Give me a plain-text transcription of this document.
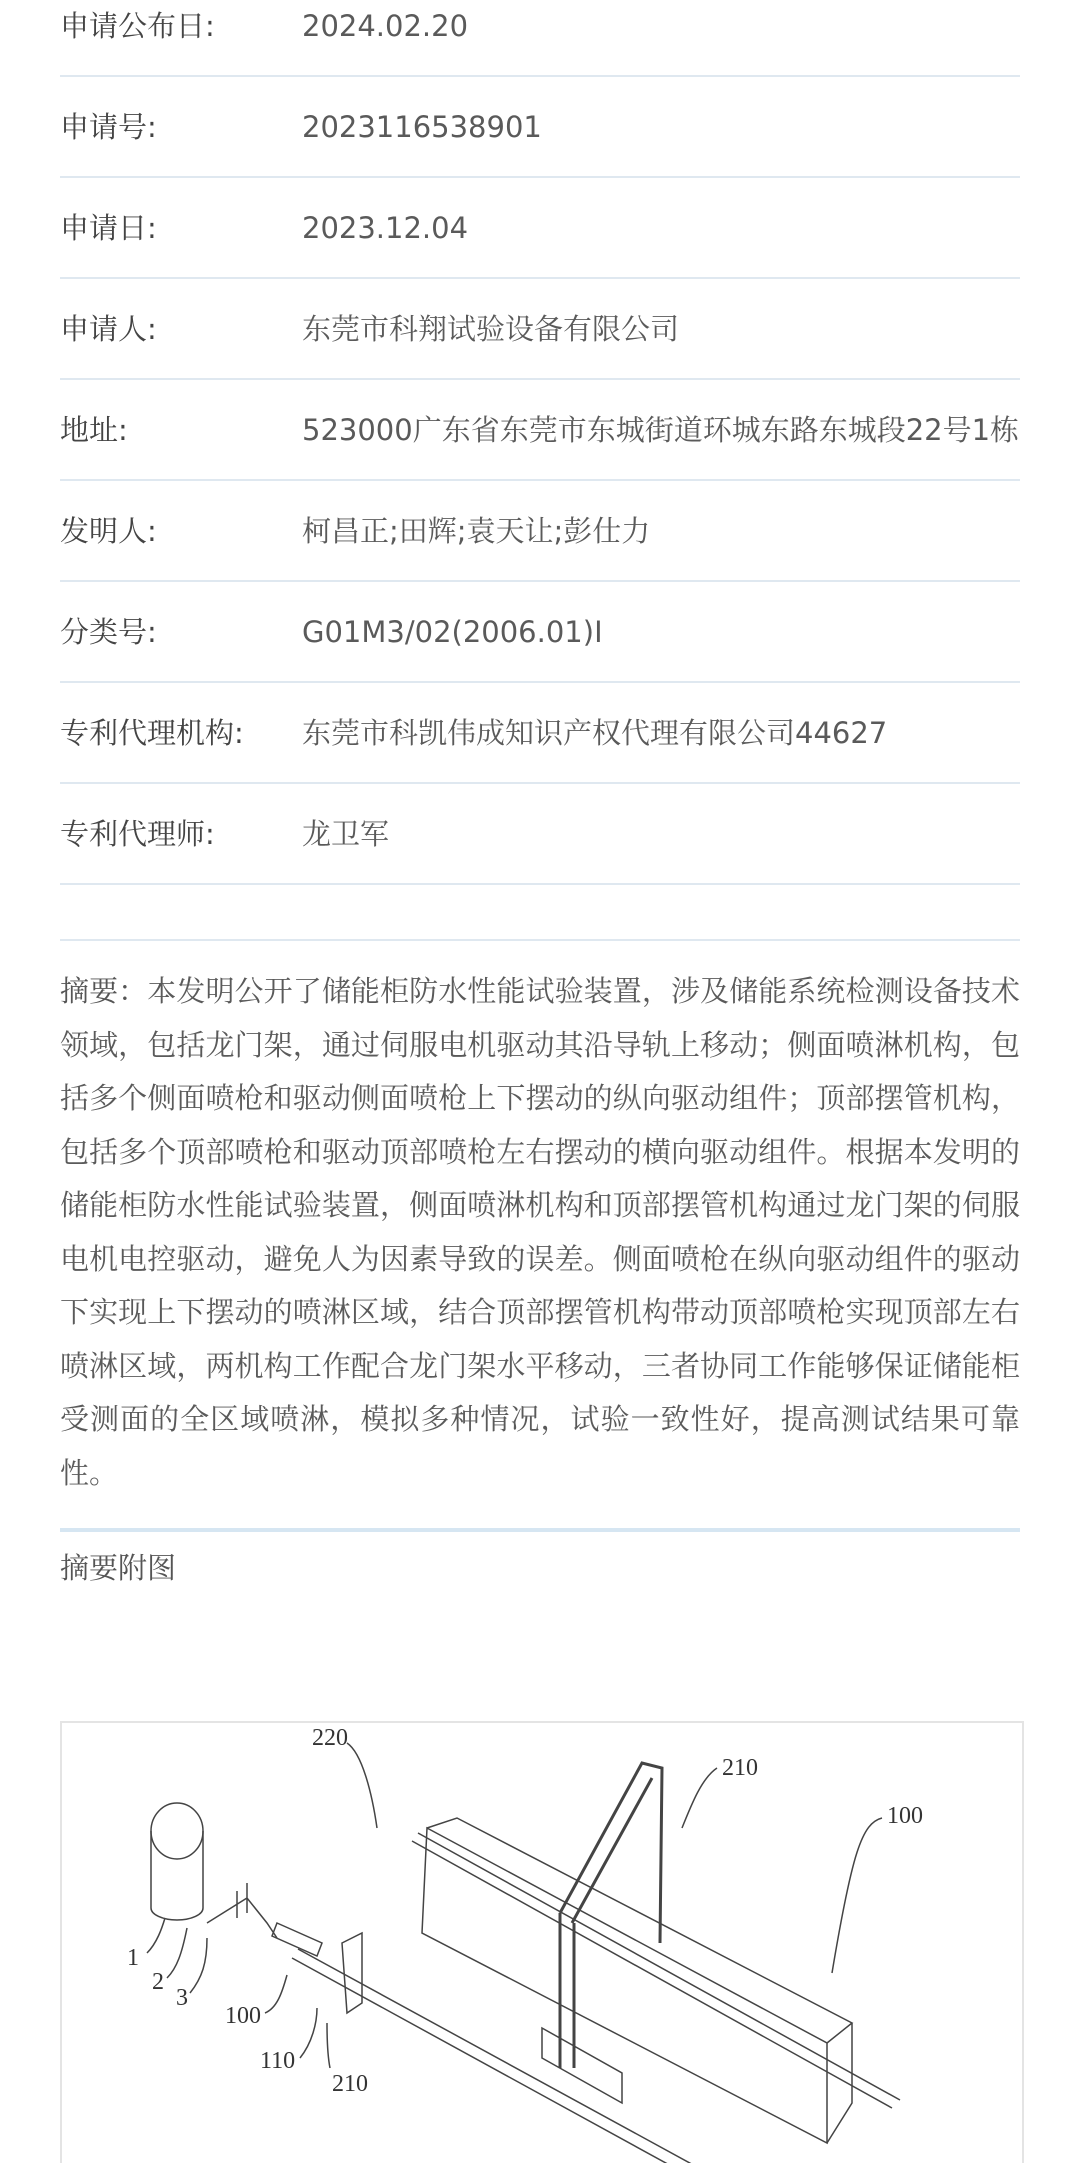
申请公布日:	2024.02.20
申请号:	2023116538901
申请日:	2023.12.04
申请人:	东莞市科翔试验设备有限公司
地址:	523000广东省东莞市东城街道环城东路东城段22号1栋
发明人:	柯昌正;田辉;袁天让;彭仕力
分类号:	G01M3/02(2006.01)I
专利代理机构:	东莞市科凯伟成知识产权代理有限公司44627
专利代理师:	龙卫军
摘要：本发明公开了储能柜防水性能试验装置，涉及储能系统检测设备技术领域，包括龙门架，通过伺服电机驱动其沿导轨上移动；侧面喷淋机构，包括多个侧面喷枪和驱动侧面喷枪上下摆动的纵向驱动组件；顶部摆管机构，包括多个顶部喷枪和驱动顶部喷枪左右摆动的横向驱动组件。根据本发明的储能柜防水性能试验装置，侧面喷淋机构和顶部摆管机构通过龙门架的伺服电机电控驱动，避免人为因素导致的误差。侧面喷枪在纵向驱动组件的驱动下实现上下摆动的喷淋区域，结合顶部摆管机构带动顶部喷枪实现顶部左右喷淋区域，两机构工作配合龙门架水平移动，三者协同工作能够保证储能柜受测面的全区域喷淋，模拟多种情况，试验一致性好，提高测试结果可靠性。
摘要附图
220
210
100
1
2
3
100
110
210
